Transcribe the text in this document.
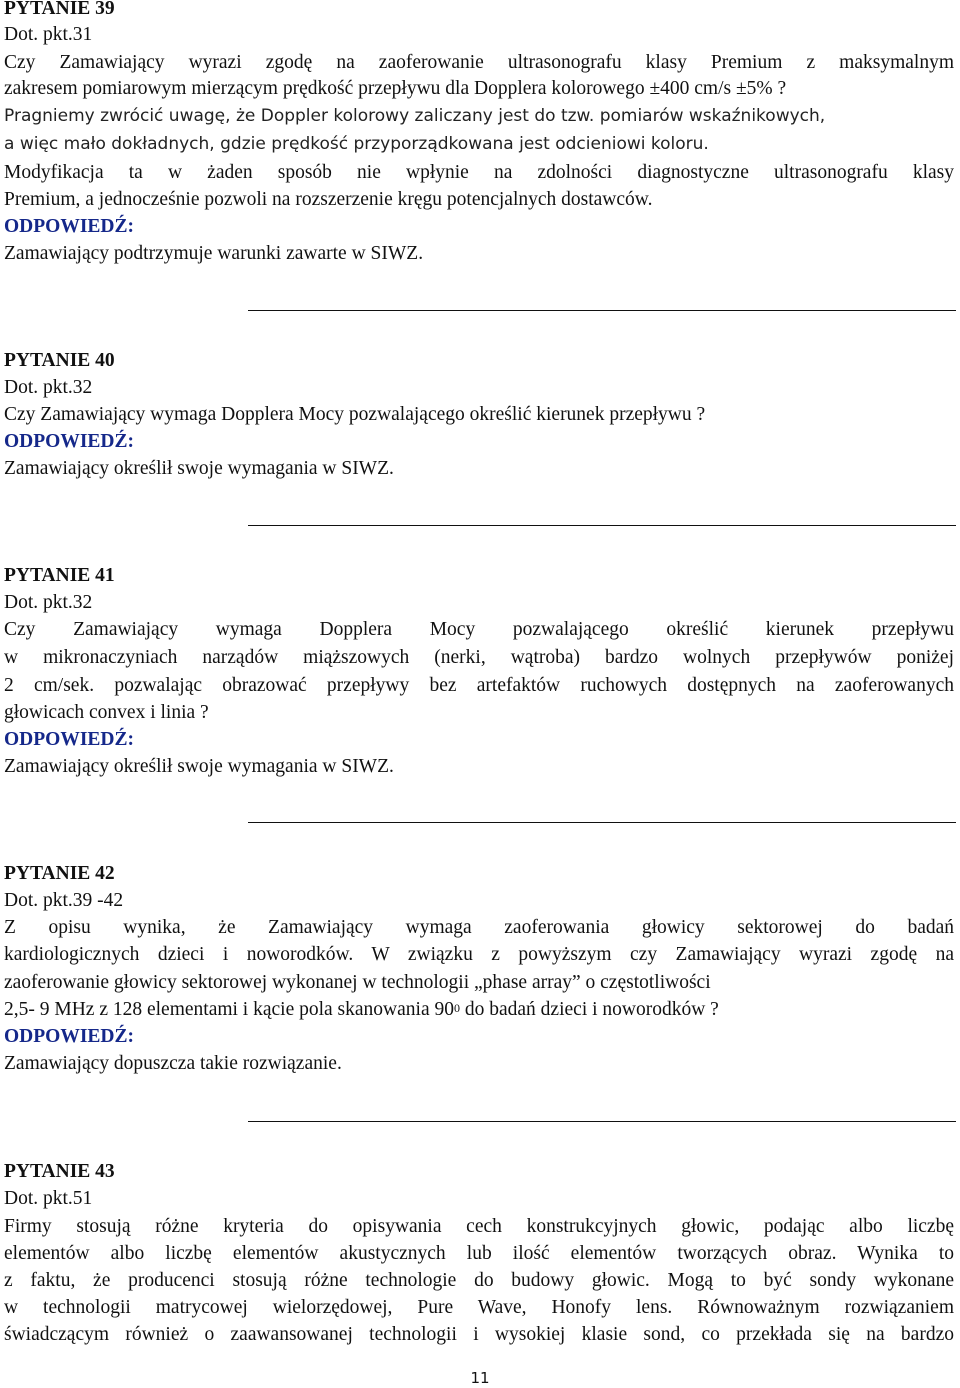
PYTANIE 39
Dot. pkt.31
Czy Zamawiający wyrazi zgodę na zaoferowanie ultrasonografu klasy Premium z maksymalnym
zakresem pomiarowym mierzącym prędkość przepływu dla Dopplera kolorowego ±400 cm/s ±5% ?
Pragniemy zwrócić uwagę, że Doppler kolorowy zaliczany jest do tzw. pomiarów wskaźnikowych,
a więc mało dokładnych, gdzie prędkość przyporządkowana jest odcieniowi koloru.
Modyfikacja ta w żaden sposób nie wpłynie na zdolności diagnostyczne ultrasonografu klasy
Premium, a jednocześnie pozwoli na rozszerzenie kręgu potencjalnych dostawców.
ODPOWIEDŹ:
Zamawiający podtrzymuje warunki zawarte w SIWZ.
PYTANIE 40
Dot. pkt.32
Czy Zamawiający wymaga Dopplera Mocy pozwalającego określić kierunek przepływu ?
ODPOWIEDŹ:
Zamawiający określił swoje wymagania w SIWZ.
PYTANIE 41
Dot. pkt.32
Czy Zamawiający wymaga Dopplera Mocy pozwalającego określić kierunek przepływu
w mikronaczyniach narządów miąższowych (nerki, wątroba) bardzo wolnych przepływów poniżej
2 cm/sek. pozwalając obrazować przepływy bez artefaktów ruchowych dostępnych na zaoferowanych
głowicach convex i linia ?
ODPOWIEDŹ:
Zamawiający określił swoje wymagania w SIWZ.
PYTANIE 42
Dot. pkt.39 -42
Z opisu wynika, że Zamawiający wymaga zaoferowania głowicy sektorowej do badań
kardiologicznych dzieci i noworodków. W związku z powyższym czy Zamawiający wyrazi zgodę na
zaoferowanie głowicy sektorowej wykonanej w technologii „phase array” o częstotliwości
2,5- 9 MHz z 128 elementami i kącie pola skanowania $90^0$ do badań dzieci i noworodków ?
ODPOWIEDŹ:
Zamawiający dopuszcza takie rozwiązanie.
PYTANIE 43
Dot. pkt.51
Firmy stosują różne kryteria do opisywania cech konstrukcyjnych głowic, podając albo liczbę
elementów albo liczbę elementów akustycznych lub ilość elementów tworzących obraz. Wynika to
z faktu, że producenci stosują różne technologie do budowy głowic. Mogą to być sondy wykonane
w technologii matrycowej wielorzędowej, Pure Wave, Honofy lens. Równoważnym rozwiązaniem
świadczącym również o zaawansowanej technologii i wysokiej klasie sond, co przekłada się na bardzo
11
